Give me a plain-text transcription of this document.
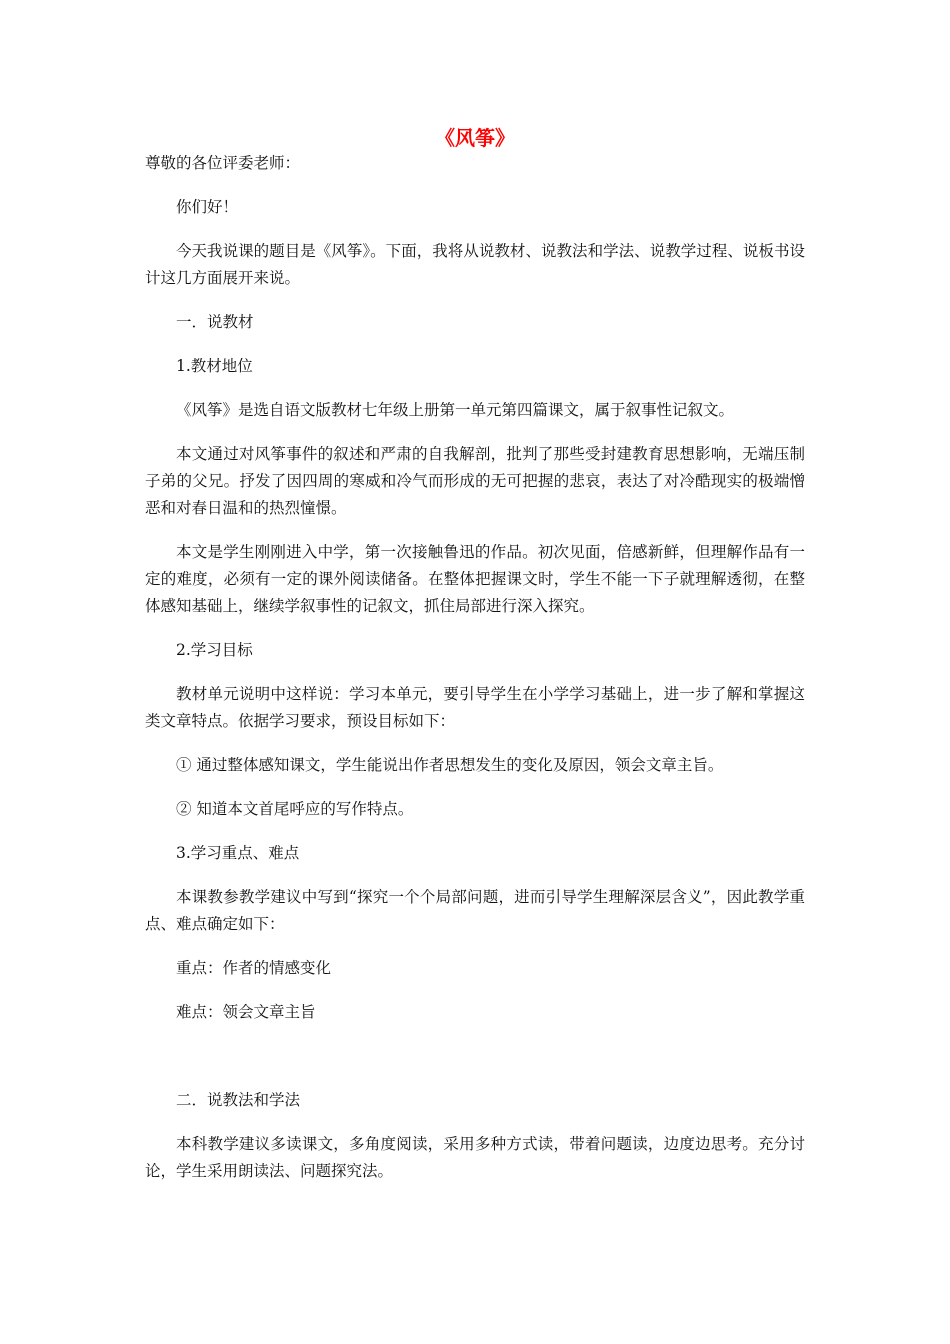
《风筝》

尊敬的各位评委老师：

你们好！

今天我说课的题目是《风筝》。下面，我将从说教材、说教法和学法、说教学过程、说板书设计这几方面展开来说。

一．说教材

1.教材地位

《风筝》是选自语文版教材七年级上册第一单元第四篇课文，属于叙事性记叙文。

本文通过对风筝事件的叙述和严肃的自我解剖，批判了那些受封建教育思想影响，无端压制子弟的父兄。抒发了因四周的寒威和冷气而形成的无可把握的悲哀，表达了对冷酷现实的极端憎恶和对春日温和的热烈憧憬。

本文是学生刚刚进入中学，第一次接触鲁迅的作品。初次见面，倍感新鲜，但理解作品有一定的难度，必须有一定的课外阅读储备。在整体把握课文时，学生不能一下子就理解透彻，在整体感知基础上，继续学叙事性的记叙文，抓住局部进行深入探究。

2.学习目标

教材单元说明中这样说：学习本单元，要引导学生在小学学习基础上，进一步了解和掌握这类文章特点。依据学习要求，预设目标如下：

① 通过整体感知课文，学生能说出作者思想发生的变化及原因，领会文章主旨。

② 知道本文首尾呼应的写作特点。

3.学习重点、难点

本课教参教学建议中写到“探究一个个局部问题，进而引导学生理解深层含义”，因此教学重点、难点确定如下：

重点：作者的情感变化

难点：领会文章主旨

二．说教法和学法

本科教学建议多读课文，多角度阅读，采用多种方式读，带着问题读，边度边思考。充分讨论，学生采用朗读法、问题探究法。
